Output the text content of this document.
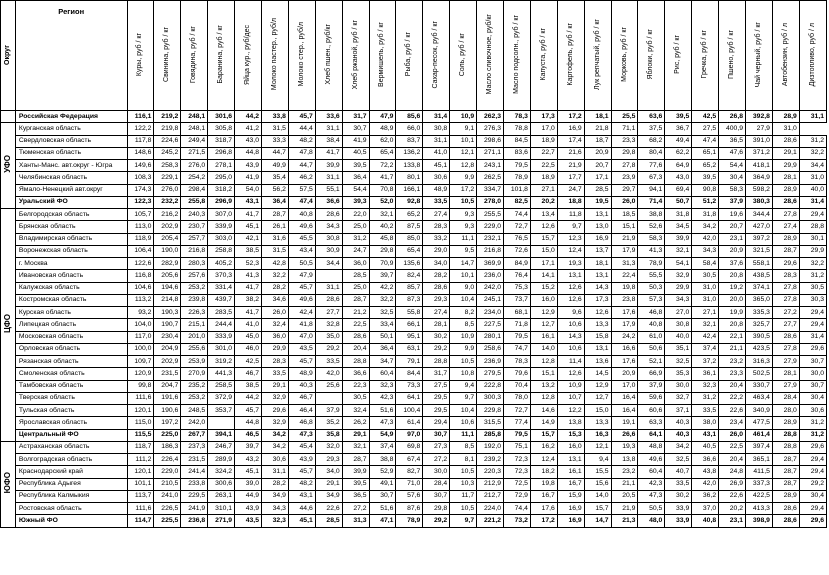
Округ	Регион	Куры, руб / кг	Свинина, руб / кг	Говядина, руб / кг	Баранина, руб / кг	Яйца кур., руб/дес	Молоко пастер., руб/л	Молоко стер., руб/л	Хлеб пшен., руб/кг	Хлеб ржаной, руб / кг	Вермишель, руб / кг	Рыба, руб / кг	Сахар-песок, руб / кг	Соль, руб / кг	Масло сливочное, руб/кг	Масло подсолн., руб / кг	Капуста, руб / кг	Картофель, руб / кг	Лук репчатый, руб / кг	Морковь, руб / кг	Яблоки, руб / кг	Рис, руб / кг	Гречка, руб / кг	Пшено, руб / кг	Чай черный, руб / кг	Автобензин, руб / л	Дизтопливо, руб / л
	Российская Федерация	116,1	219,2	248,1	301,6	44,2	33,8	45,7	33,6	31,7	47,9	85,6	31,4	10,9	262,3	78,3	17,3	17,2	18,1	25,5	63,6	39,5	42,5	26,8	392,8	28,9	31,1
УФО	Курганская область	122,2	219,8	248,1	305,8	41,2	31,5	44,4	31,1	30,7	48,9	66,0	30,8	9,1	276,3	78,8	17,0	16,9	21,8	71,1	37,5	36,7	27,5	400,9	27,9	31,0	
	Свердловская область	117,8	224,6	249,4	318,7	43,0	33,3	48,2	38,4	41,9	62,0	83,7	31,1	10,1	298,6	84,5	18,9	17,4	18,7	23,3	68,2	49,4	47,4	36,5	391,0	28,6	31,2
	Тюменская область	148,6	245,2	271,5	296,8	44,8	44,7	47,8	41,7	40,5	65,4	136,2	41,0	12,1	271,1	83,6	22,7	21,6	20,9	29,8	80,4	62,2	65,1	47,6	371,2	29,1	32,2
	Ханты-Манс. авт.округ - Югра	149,6	258,3	276,0	278,1	43,9	49,9	44,7	39,9	39,5	72,2	133,8	45,1	12,8	243,1	79,5	22,5	21,9	20,7	27,8	77,6	64,9	65,2	54,4	418,1	29,9	34,4
	Челябинская область	108,3	229,1	254,2	295,0	41,9	35,4	46,2	31,1	36,4	41,7	80,1	30,6	9,9	262,5	78,9	18,9	17,7	17,1	23,9	67,3	43,0	39,5	30,4	364,9	28,1	31,0
	Ямало-Ненецкий авт.округ	174,3	276,0	298,4	318,2	54,0	56,2	57,5	55,1	54,4	70,8	166,1	48,9	17,2	334,7	101,8	27,1	24,7	28,5	29,7	94,1	69,4	90,8	58,3	598,2	28,9	40,0
	Уральский ФО	122,3	232,2	255,8	296,9	43,1	36,4	47,4	36,6	39,3	52,0	92,8	33,5	10,5	278,0	82,5	20,2	18,8	19,5	26,0	71,4	50,7	51,2	37,9	380,3	28,6	31,4
ЦФО	Белгородская область	105,7	216,2	240,3	307,0	41,7	28,7	40,8	28,6	22,0	32,1	65,2	27,4	9,3	255,5	74,4	13,4	11,8	13,1	18,5	38,8	31,8	31,8	19,6	344,4	27,8	29,4
	Брянская область	113,0	202,9	230,7	339,9	45,1	26,1	49,6	34,3	25,0	40,2	87,5	28,3	9,3	229,0	72,7	12,6	9,7	13,0	15,1	52,6	34,5	34,2	20,7	427,0	27,4	28,8
	Владимирская область	118,9	205,4	257,7	303,0	42,1	31,6	45,5	30,8	31,2	45,8	85,0	33,2	11,1	232,1	76,5	15,7	12,3	16,9	21,9	58,3	39,9	42,0	23,1	397,2	28,9	30,1
	Воронежская область	106,4	190,0	216,8	258,8	38,5	31,5	43,4	30,9	24,7	29,8	65,4	29,0	9,5	216,8	72,6	15,0	12,4	13,7	17,9	41,3	32,1	34,3	20,9	321,5	28,7	29,9
	г. Москва	122,6	282,9	280,3	405,2	52,3	42,8	50,5	34,4	36,0	70,9	135,6	34,0	14,7	369,9	84,9	17,1	19,3	18,1	31,3	78,9	54,1	58,4	37,6	558,1	29,6	32,2
	Ивановская область	116,8	205,6	257,6	370,3	41,3	32,2	47,9		28,5	39,7	82,4	28,2	10,1	236,0	76,4	14,1	13,1	13,1	22,4	55,5	32,9	30,5	20,8	438,5	28,3	31,2
	Калужская область	104,6	194,6	253,2	331,4	41,7	28,2	45,7	31,1	25,0	42,2	85,7	28,6	9,0	242,0	75,3	15,2	12,6	14,3	19,8	50,3	29,9	31,0	19,2	374,1	27,8	30,5
	Костромская область	113,2	214,8	239,8	439,7	38,2	34,6	49,6	28,6	28,7	32,2	87,3	29,3	10,4	245,1	73,7	16,0	12,6	17,3	23,8	57,3	34,3	31,0	20,0	365,0	27,8	30,3
	Курская область	93,2	190,3	226,3	283,5	41,7	26,0	42,4	27,7	21,2	32,5	55,8	27,4	8,2	234,0	68,1	12,9	9,6	12,6	17,6	46,8	27,0	27,1	19,9	335,3	27,2	29,4
	Липецкая область	104,0	190,7	215,1	244,4	41,0	32,4	41,8	32,8	22,5	33,4	66,1	28,1	8,5	227,5	71,8	12,7	10,6	13,3	17,9	40,8	30,8	32,1	20,8	325,7	27,7	29,4
	Московская область	117,0	230,4	201,0	333,9	45,0	36,0	47,0	35,0	28,6	50,1	95,1	30,2	10,9	280,1	79,5	16,1	14,3	15,8	24,2	61,0	40,0	42,4	22,1	390,5	28,6	31,4
	Орловская область	100,0	204,9	255,6	301,0	46,0	29,9	43,5	29,2	20,4	36,4	63,1	29,2	9,9	258,6	74,7	14,0	10,6	13,1	16,6	50,6	35,1	37,4	21,1	423,5	27,8	29,6
	Рязанская область	109,7	202,9	253,9	319,2	42,5	28,3	45,7	33,5	28,8	34,7	79,1	28,8	10,5	236,9	78,3	12,8	11,4	13,6	17,6	52,1	32,5	37,2	23,2	316,3	27,9	30,7
	Смоленская область	120,9	231,5	270,9	441,3	46,7	33,5	48,9	42,0	36,6	60,4	84,4	31,7	10,8	279,5	79,6	15,1	12,6	14,5	20,9	66,9	35,3	36,1	23,3	502,5	28,1	30,0
	Тамбовская область	99,8	204,7	235,2	258,5	38,5	29,1	40,3	25,6	22,3	32,3	73,3	27,5	9,4	222,8	70,4	13,2	10,9	12,9	17,0	37,9	30,0	32,3	20,4	330,7	27,9	30,7
	Тверская область	111,6	191,6	253,2	372,9	44,2	32,9	46,7		30,5	42,3	64,1	29,5	9,7	300,3	78,0	12,8	10,7	12,7	16,4	59,6	32,7	31,2	22,2	463,4	28,4	30,4
	Тульская область	120,1	190,6	248,5	353,7	45,7	29,6	46,4	37,9	32,4	51,6	100,4	29,5	10,4	229,8	72,7	14,6	12,2	15,0	16,4	60,6	37,1	33,5	22,6	340,9	28,0	30,6
	Ярославская область	115,0	197,2	242,0		44,8	32,9	46,8	35,2	26,2	47,3	61,4	29,4	10,6	315,5	77,4	14,9	13,8	13,3	19,1	63,3	40,3	38,0	23,4	477,5	28,9	31,2
	Центральный ФО	115,5	225,0	267,7	394,1	46,5	34,2	47,3	35,8	29,1	54,9	97,0	30,7	11,1	285,8	79,5	15,7	15,3	16,3	26,6	64,1	40,3	43,1	26,0	461,4	28,8	31,2
ЮФО	Астраханская область	118,7	186,3	237,3	246,7	39,7	34,2	45,4	32,0	32,1	37,4	69,8	27,3	8,5	192,0	75,1	16,2	16,0	12,1	19,3	48,8	34,2	40,5	22,5	397,4	28,8	29,6
	Волгоградская область	111,2	226,4	231,5	289,9	43,2	30,6	43,9	29,3	28,7	38,8	67,4	27,2	8,1	239,2	72,3	12,4	13,1	9,4	13,8	49,6	32,5	36,6	20,4	365,1	28,7	29,4
	Краснодарский край	120,1	229,0	241,4	324,2	45,1	31,1	45,7	34,0	39,9	52,9	82,7	30,0	10,5	220,3	72,3	18,2	16,1	15,5	23,2	60,4	40,7	43,8	24,8	411,5	28,7	29,4
	Республика Адыгея	101,1	210,5	233,8	300,6	39,0	28,2	48,2	29,1	39,5	49,1	71,0	28,4	10,3	212,9	72,5	19,8	16,7	15,6	21,1	42,3	33,5	42,0	26,9	337,3	28,7	29,2
	Республика Калмыкия	113,7	241,0	229,5	263,1	44,9	34,9	43,1	34,9	36,5	30,7	57,6	30,7	11,7	212,7	72,9	16,7	15,9	14,0	20,5	47,3	30,2	36,2	22,6	422,5	28,9	30,4
	Ростовская область	111,6	226,5	241,9	310,1	43,9	34,3	44,6	22,6	27,2	51,6	87,6	29,8	10,5	224,0	74,4	17,6	16,9	15,7	21,9	50,5	33,9	37,0	20,2	413,3	28,6	29,4
	Южный ФО	114,7	225,5	236,8	271,9	43,5	32,3	45,1	28,5	31,3	47,1	78,9	29,2	9,7	221,2	73,2	17,2	16,9	14,7	21,3	48,0	33,9	40,8	23,1	398,9	28,6	29,6
